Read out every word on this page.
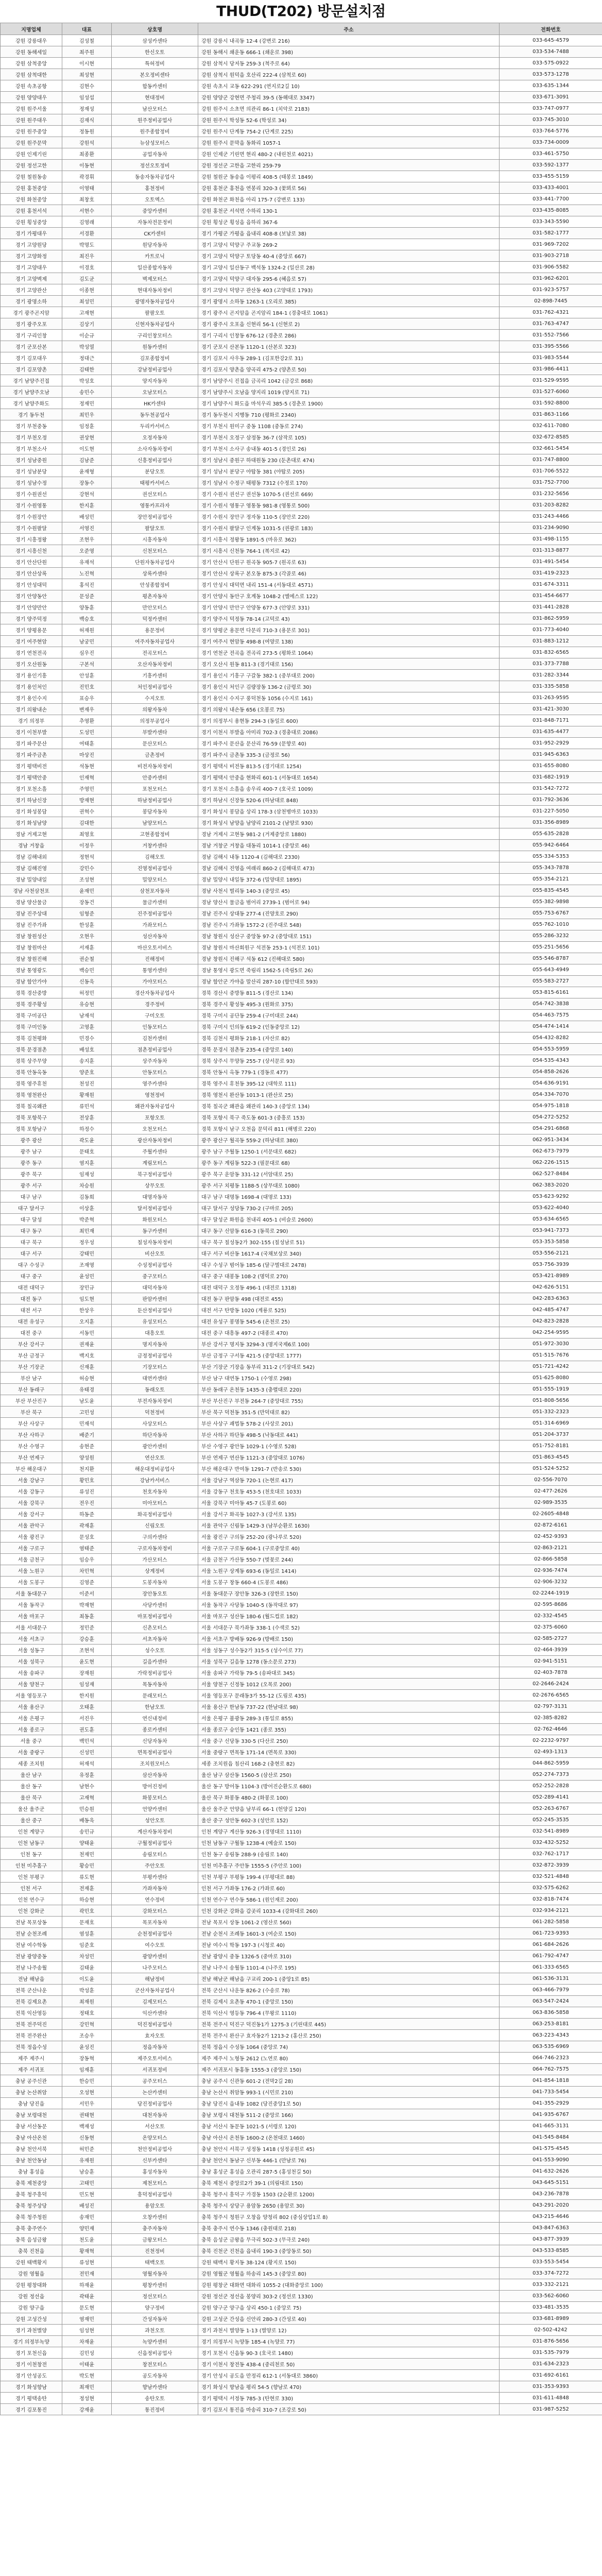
THUD(T202) 방문설치점
지명업체	대표	상호명	주소	전화번호
강원 강릉대우	김성철	삼성카센타	강원 강릉시 내곡동 12-4 (강변로 216)	033-645-4579
강원 동해세일	최주원	한신오토	강원 동해시 쇄운동 666-1 (쇄운로 398)	033-534-7488
강원 삼척중앙	이시현	특허정비	강원 삼척시 당저동 259-3 (척주로 64)	033-575-0922
강원 삼척대한	최성현	본오정비센타	강원 삼척시 원덕읍 호산리 222-4 (삼척로 60)	033-573-1278
강원 속초공항	김현수	합동카센터	강원 속초시 교동 622-291 (연지로2길 10)	033-635-1344
강원 양양대우	임성섭	현대정비	강원 양양군 강현면 주청리 39-5 (동해대로 3347)	033-671-3091
강원 원주서울	정재성	남산모터스	강원 원주시 소초면 의관리 86-1 (치악로 2183)	033-747-0977
강원 원주대우	김재식	원주정비공업사	강원 원주시 학성동 52-6 (학성로 34)	033-745-3010
강원 원주중앙	정동원	원주종합정비	강원 원주시 단계동 754-2 (단계로 225)	033-764-5776
강원 원주문막	강원석	뉴삼성모터스	강원 원주시 문막읍 동화리 1057-1	033-734-0009
강원 인제기린	최종환	공업자동차	강원 인제군 기린면 현리 480-2 (내린천로 4021)	033-461-5750
강원 정선고한	이동현	정선오토정비	강원 정선군 고한읍 고한리 259-79	033-592-1377
강원 철원동송	곽경휘	동송자동차공업사	강원 철원군 동송읍 이평리 408-5 (태봉로 1849)	033-455-5159
강원 홍천중앙	이영태	홍천정비	강원 홍천군 홍천읍 연봉리 320-3 (꽃뫼로 56)	033-433-4001
강원 화천중앙	최창호	오토엑스	강원 화천군 화천읍 아리 175-7 (강변로 133)	033-441-7700
강원 홍천서석	서현수	중앙카센터	강원 홍천군 서석면 수하리 130-1	033-435-8085
강원 횡성중앙	김영래	자동차전문정비	강원 횡성군 횡성읍 읍하리 367-6	033-343-5590
경기 가평대우	서경환	CK카센터	경기 가평군 가평읍 읍내리 408-8 (보납로 38)	031-582-1777
경기 고양원당	박명도	원당자동차	경기 고양시 덕양구 주교동 269-2	031-969-7202
경기 고양화정	최진우	카트로닉	경기 고양시 덕양구 토당동 40-4 (중앙로 667)	031-903-2718
경기 고양대우	이경호	일산종합자동차	경기 고양시 일산동구 백석동 1324-2 (일산로 28)	031-906-5582
경기 고양벽제	김도균	벽제모터스	경기 고양시 덕양구 대자동 295-6 (혜음로 57)	031-962-6201
경기 고양관산	이종현	현대자동차정비	경기 고양시 덕양구 관산동 403 (고양대로 1793)	031-923-5757
경기 광명소하	최성민	광명자동차공업사	경기 광명시 소하동 1263-1 (오리로 385)	02-898-7445
경기 광주곤지암	고재현	팔팔오토	경기 광주시 곤지암읍 곤지암리 184-1 (경충대로 1061)	031-762-4321
경기 광주오포	김상기	신현자동차공업사	경기 광주시 오포읍 신현리 56-1 (신현로 2)	031-763-4747
경기 구리인창	이순규	구리인창모터스	경기 구리시 인창동 676-12 (경춘로 286)	031-552-7566
경기 군포산본	박성열	원동카센터	경기 군포시 산본동 1120-1 (산본로 323)	031-395-5566
경기 김포대우	정대근	김포종합정비	경기 김포시 사우동 289-1 (김포한강2로 31)	031-983-5544
경기 김포양촌	김태한	강남정비공업사	경기 김포시 양촌읍 양곡리 475-2 (양촌로 50)	031-986-4411
경기 남양주진접	박성호	양지자동차	경기 남양주시 진접읍 금곡리 1042 (금강로 868)	031-529-9595
경기 남양주오남	송민수	오남모터스	경기 남양주시 오남읍 양지리 1019 (양지로 71)	031-527-6060
경기 남양주화도	정재민	HK카센타	경기 남양주시 화도읍 마석우리 385-5 (경춘로 1900)	031-592-8800
경기 동두천	최민우	동두천공업사	경기 동두천시 지행동 710 (평화로 2340)	031-863-1166
경기 부천중동	임정훈	두리카서비스	경기 부천시 원미구 중동 1108 (중동로 274)	032-611-7080
경기 부천오정	권상현	오정자동차	경기 부천시 오정구 삼정동 36-7 (삼작로 105)	032-672-8585
경기 부천소사	이도현	소사자동차정비	경기 부천시 소사구 송내동 401-5 (경인로 26)	032-661-5454
경기 성남중원	김남준	신흥정비공업사	경기 성남시 중원구 하대원동 230 (둔촌대로 474)	031-747-8800
경기 성남분당	윤재형	분당오토	경기 성남시 분당구 야탑동 381 (야탑로 205)	031-706-5522
경기 성남수정	장동수	태평카서비스	경기 성남시 수정구 태평동 7312 (수정로 170)	031-752-7700
경기 수원권선	강현석	권선모터스	경기 수원시 권선구 권선동 1070-5 (권선로 669)	031-232-5656
경기 수원영통	한지훈	영통카프라자	경기 수원시 영통구 영통동 981-8 (영통로 500)	031-203-8282
경기 수원장안	배성민	장안정비공업사	경기 수원시 장안구 정자동 110-5 (장안로 220)	031-243-4466
경기 수원팔달	서영진	팔달오토	경기 수원시 팔달구 인계동 1031-5 (권광로 183)	031-234-9090
경기 시흥정왕	조현우	시흥자동차	경기 시흥시 정왕동 1891-5 (마유로 362)	031-498-1155
경기 시흥신천	오준영	신천모터스	경기 시흥시 신천동 764-1 (복지로 42)	031-313-8877
경기 안산단원	유재석	단원자동차공업사	경기 안산시 단원구 원곡동 905-7 (원곡로 63)	031-491-5454
경기 안산상록	노진혁	상록카센타	경기 안산시 상록구 본오동 875-3 (각골로 46)	031-419-2323
경기 안성대덕	홍석진	안성종합정비	경기 안성시 대덕면 내리 151-4 (서동대로 4571)	031-674-3311
경기 안양동안	문성준	평촌자동차	경기 안양시 동안구 호계동 1048-2 (엘에스로 122)	031-454-6677
경기 안양만안	양동훈	만안모터스	경기 안양시 만안구 안양동 677-3 (안양로 331)	031-441-2828
경기 양주덕정	백승호	덕정카센터	경기 양주시 덕정동 78-14 (고덕로 43)	031-862-5959
경기 양평용문	허재원	용문정비	경기 양평군 용문면 다문리 710-3 (용문로 301)	031-773-4040
경기 여주현암	남궁민	여주자동차공업사	경기 여주시 현암동 498-8 (여양로 138)	031-883-1212
경기 연천전곡	심우진	전곡모터스	경기 연천군 전곡읍 전곡리 273-5 (평화로 1064)	031-832-6565
경기 오산원동	구본석	오산자동차정비	경기 오산시 원동 811-3 (경기대로 156)	031-373-7788
경기 용인기흥	안성훈	기흥카센터	경기 용인시 기흥구 구갈동 382-1 (중부대로 200)	031-282-3344
경기 용인처인	진민호	처인정비공업사	경기 용인시 처인구 김량장동 136-2 (금령로 30)	031-335-5858
경기 용인수지	표승우	수지오토	경기 용인시 수지구 풍덕천동 1056 (수지로 161)	031-263-9595
경기 의왕내손	변재우	의왕자동차	경기 의왕시 내손동 656 (오봉로 75)	031-421-3030
경기 의정부	추영환	의정부공업사	경기 의정부시 용현동 294-3 (동일로 600)	031-848-7171
경기 이천부발	도성민	부발카센타	경기 이천시 부발읍 아미리 702-3 (경충대로 2086)	031-635-4477
경기 파주문산	여태훈	문산모터스	경기 파주시 문산읍 문산리 76-59 (문향로 40)	031-952-2929
경기 파주금촌	마상진	금촌정비	경기 파주시 금촌동 335-3 (금정로 56)	031-945-6363
경기 평택비전	석동현	비전자동차정비	경기 평택시 비전동 813-5 (경기대로 1254)	031-655-8080
경기 평택안중	인재혁	안중카센터	경기 평택시 안중읍 현화리 601-1 (서동대로 1654)	031-682-1919
경기 포천소흘	주영민	포천모터스	경기 포천시 소흘읍 송우리 400-7 (호국로 1009)	031-542-7272
경기 하남신장	방재현	하남정비공업사	경기 하남시 신장동 520-6 (하남대로 848)	031-792-3636
경기 화성봉담	권혁수	봉담자동차	경기 화성시 봉담읍 상리 178-3 (삼천병마로 1033)	031-227-5050
경기 화성남양	김대한	남양모터스	경기 화성시 남양읍 남양리 2101-2 (남양로 930)	031-356-8989
경남 거제고현	최영호	고현종합정비	경남 거제시 고현동 981-2 (거제중앙로 1880)	055-635-2828
경남 거창읍	이정우	거창카센타	경남 거창군 거창읍 대동리 1014-1 (중앙로 46)	055-942-6464
경남 김해내외	정현석	김해오토	경남 김해시 내동 1120-4 (김해대로 2330)	055-334-5353
경남 김해진영	강민수	진영정비공업사	경남 김해시 진영읍 여래리 860-2 (김해대로 473)	055-343-7878
경남 밀양내일	조성현	밀양모터스	경남 밀양시 내일동 372-6 (밀양대로 1895)	055-354-2121
경남 사천삼천포	윤재민	삼천포자동차	경남 사천시 벌리동 140-3 (중앙로 45)	055-835-4545
경남 양산물금	장동건	물금카센터	경남 양산시 물금읍 범어리 2739-1 (범어로 94)	055-382-9898
경남 진주상대	임형준	진주정비공업사	경남 진주시 상대동 277-4 (진양호로 290)	055-753-6767
경남 진주가좌	한성훈	가좌모터스	경남 진주시 가좌동 1572-2 (진주대로 548)	055-762-1010
경남 창원성산	오현우	성산자동차	경남 창원시 성산구 중앙동 97-2 (중앙대로 151)	055-286-3232
경남 창원마산	서재훈	마산오토서비스	경남 창원시 마산회원구 석전동 253-1 (석전로 101)	055-251-5656
경남 창원진해	권순철	진해정비	경남 창원시 진해구 석동 612 (진해대로 580)	055-546-8787
경남 통영광도	백승민	통영카센타	경남 통영시 광도면 죽림리 1562-5 (죽림5로 26)	055-643-4949
경남 함안가야	신동욱	가야모터스	경남 함안군 가야읍 말산리 287-10 (함안대로 593)	055-583-2727
경북 경산중방	허정민	경산자동차공업사	경북 경산시 중방동 811-5 (경산로 134)	053-815-6161
경북 경주황성	유승현	경주정비	경북 경주시 황성동 495-3 (원화로 375)	054-742-3838
경북 구미공단	남재석	구미오토	경북 구미시 공단동 259-4 (구미대로 244)	054-463-7575
경북 구미인동	고영훈	인동모터스	경북 구미시 인의동 619-2 (인동중앙로 12)	054-474-1414
경북 김천평화	민경수	김천카센터	경북 김천시 평화동 218-1 (자산로 82)	054-432-8282
경북 문경점촌	배성호	점촌정비공업사	경북 문경시 점촌동 235-4 (중앙로 140)	054-553-5959
경북 상주무양	송지훈	상주자동차	경북 상주시 무양동 255-7 (상서문로 93)	054-535-4343
경북 안동옥동	양준호	안동모터스	경북 안동시 옥동 779-1 (경동로 477)	054-858-2626
경북 영주휴천	천성진	영주카센타	경북 영주시 휴천동 395-12 (대학로 111)	054-636-9191
경북 영천완산	황재원	영천정비	경북 영천시 완산동 1013-1 (완산로 25)	054-334-7070
경북 칠곡왜관	류민석	왜관자동차공업사	경북 칠곡군 왜관읍 왜관리 140-3 (중앙로 134)	054-975-1818
경북 포항북구	전상훈	포항오토	경북 포항시 북구 죽도동 601-3 (중흥로 153)	054-272-5252
경북 포항남구	하정수	오천모터스	경북 포항시 남구 오천읍 문덕리 811 (해병로 220)	054-291-6868
광주 광산	곽도윤	광산자동차정비	광주 광산구 월곡동 559-2 (하남대로 380)	062-951-3434
광주 남구	문태호	주월카센타	광주 남구 주월동 1250-1 (서문대로 682)	062-673-7979
광주 동구	염지훈	계림모터스	광주 동구 계림동 522-3 (필문대로 68)	062-226-1515
광주 북구	임재성	북구정비공업사	광주 북구 운암동 331-12 (서암대로 25)	062-527-8484
광주 서구	차승원	상무오토	광주 서구 치평동 1188-5 (상무대로 1080)	062-383-2020
대구 남구	김동희	대명자동차	대구 남구 대명동 1698-4 (대명로 133)	053-623-9292
대구 달서구	이상훈	달서정비공업사	대구 달서구 성당동 730-2 (구마로 205)	053-622-4040
대구 달성	박준혁	화원모터스	대구 달성군 화원읍 천내리 405-1 (비슬로 2600)	053-634-6565
대구 동구	최민재	동구카센터	대구 동구 신암동 616-3 (동북로 290)	053-941-7373
대구 북구	정우성	칠성자동차정비	대구 북구 칠성동2가 302-155 (칠성남로 51)	053-353-5858
대구 서구	강태민	비산오토	대구 서구 비산동 1617-4 (국채보상로 340)	053-556-2121
대구 수성구	조재영	수성정비공업사	대구 수성구 범어동 185-6 (달구벌대로 2478)	053-756-3939
대구 중구	윤성민	중구모터스	대구 중구 대봉동 108-2 (명덕로 270)	053-421-8989
대전 대덕구	장민규	대덕자동차	대전 대덕구 오정동 496-1 (대전로 1318)	042-626-5151
대전 동구	임도현	판암카센터	대전 동구 판암동 498 (대전로 455)	042-283-6363
대전 서구	한상우	둔산정비공업사	대전 서구 탄방동 1020 (계룡로 525)	042-485-4747
대전 유성구	오지훈	유성모터스	대전 유성구 봉명동 545-6 (온천로 25)	042-823-2828
대전 중구	서동민	대흥오토	대전 중구 대흥동 497-2 (대종로 470)	042-254-9595
부산 강서구	권재윤	명지자동차	부산 강서구 명지동 3294-3 (명지국제6로 100)	051-972-3030
부산 금정구	백지호	금정정비공업사	부산 금정구 구서동 421-5 (중앙대로 1777)	051-515-7676
부산 기장군	신재훈	기장모터스	부산 기장군 기장읍 동부리 311-2 (기장대로 542)	051-721-4242
부산 남구	허승현	대연카센타	부산 남구 대연동 1750-1 (수영로 298)	051-625-8080
부산 동래구	유태경	동래오토	부산 동래구 온천동 1435-3 (충렬대로 220)	051-555-1919
부산 부산진구	남도윤	부전자동차정비	부산 부산진구 부전동 264-7 (중앙대로 755)	051-808-5656
부산 북구	고민성	덕천정비	부산 북구 덕천동 351-5 (만덕대로 82)	051-332-2323
부산 사상구	민재석	사상모터스	부산 사상구 괘법동 578-2 (사상로 201)	051-314-6969
부산 사하구	배준기	하단자동차	부산 사하구 하단동 498-5 (낙동대로 441)	051-204-3737
부산 수영구	송현준	광안카센터	부산 수영구 광안동 1029-1 (수영로 528)	051-752-8181
부산 연제구	양성원	연산오토	부산 연제구 연산동 1121-3 (중앙대로 1076)	051-863-4545
부산 해운대구	천지환	해운대정비공업사	부산 해운대구 반여동 1291-7 (반송로 530)	051-524-5252
서울 강남구	황민호	강남카서비스	서울 강남구 역삼동 720-1 (논현로 417)	02-556-7070
서울 강동구	류성진	천호자동차	서울 강동구 천호동 453-5 (천호대로 1033)	02-477-2626
서울 강북구	전우진	미아모터스	서울 강북구 미아동 45-7 (도봉로 60)	02-989-3535
서울 강서구	하동준	화곡정비공업사	서울 강서구 화곡동 1027-3 (강서로 135)	02-2605-4848
서울 관악구	곽재훈	신림오토	서울 관악구 신림동 1429-3 (남부순환로 1630)	02-872-6161
서울 광진구	문성호	구의카센타	서울 광진구 구의동 252-20 (광나루로 520)	02-452-9393
서울 구로구	염태준	구로자동차정비	서울 구로구 구로동 604-1 (구로중앙로 40)	02-863-2121
서울 금천구	임승우	가산모터스	서울 금천구 가산동 550-7 (벚꽃로 244)	02-866-5858
서울 노원구	차민혁	상계정비	서울 노원구 상계동 693-6 (동일로 1414)	02-936-7474
서울 도봉구	김영준	도봉자동차	서울 도봉구 창동 660-4 (도봉로 486)	02-906-3232
서울 동대문구	이준서	장안동오토	서울 동대문구 장안동 326-3 (장한로 150)	02-2244-1919
서울 동작구	박재현	사당카센터	서울 동작구 사당동 1040-5 (동작대로 97)	02-595-8686
서울 마포구	최동훈	마포정비공업사	서울 마포구 성산동 180-6 (월드컵로 182)	02-332-4545
서울 서대문구	정민준	신촌모터스	서울 서대문구 북가좌동 338-1 (수색로 52)	02-375-6060
서울 서초구	강승훈	서초자동차	서울 서초구 방배동 926-9 (방배로 150)	02-585-2727
서울 성동구	조현석	성수오토	서울 성동구 성수동2가 315-5 (성수이로 77)	02-464-3939
서울 성북구	윤도현	길음카센타	서울 성북구 길음동 1278 (동소문로 273)	02-941-5151
서울 송파구	장재원	가락정비공업사	서울 송파구 가락동 79-5 (송파대로 345)	02-403-7878
서울 양천구	임성재	목동자동차	서울 양천구 신정동 1012 (오목로 200)	02-2646-2424
서울 영등포구	한지원	문래모터스	서울 영등포구 문래동3가 55-12 (도림로 435)	02-2676-6565
서울 용산구	오태훈	한남오토	서울 용산구 한남동 737-22 (한남대로 98)	02-797-3131
서울 은평구	서진우	연신내정비	서울 은평구 불광동 289-3 (통일로 855)	02-385-8282
서울 종로구	권도훈	종로카센터	서울 종로구 숭인동 1421 (종로 355)	02-762-4646
서울 중구	백민석	신당자동차	서울 중구 신당동 330-5 (다산로 250)	02-2232-9797
서울 중랑구	신성민	면목정비공업사	서울 중랑구 면목동 171-14 (면목로 330)	02-493-1313
세종 조치원	허재석	조치원모터스	세종 조치원읍 침산리 168-2 (충현로 82)	044-862-5959
울산 남구	유정훈	삼산자동차	울산 남구 삼산동 1560-5 (삼산로 250)	052-274-7373
울산 동구	남현수	방어진정비	울산 동구 방어동 1104-3 (방어진순환도로 680)	052-252-2828
울산 북구	고재혁	화봉모터스	울산 북구 화봉동 480-2 (화봉로 100)	052-289-4141
울산 울주군	민승원	언양카센터	울산 울주군 언양읍 남부리 66-1 (헌양길 120)	052-263-6767
울산 중구	배동욱	성안오토	울산 중구 성안동 602-3 (성안로 152)	052-245-3535
인천 계양구	송민규	계산자동차정비	인천 계양구 계산동 926-3 (경명대로 1110)	032-541-8989
인천 남동구	양태윤	구월정비공업사	인천 남동구 구월동 1238-4 (예술로 150)	032-432-5252
인천 동구	천재민	송림모터스	인천 동구 송림동 288-9 (송림로 140)	032-762-1717
인천 미추홀구	황승민	주안오토	인천 미추홀구 주안동 1555-5 (주안로 100)	032-872-3939
인천 부평구	류도현	부평카센타	인천 부평구 부평동 199-4 (부평대로 88)	032-521-4848
인천 서구	전재훈	가좌자동차	인천 서구 가좌동 176-2 (가좌로 60)	032-575-6262
인천 연수구	하승현	연수정비	인천 연수구 연수동 586-1 (원인재로 200)	032-818-7474
인천 강화군	곽민호	강화모터스	인천 강화군 강화읍 갑곳리 1033-4 (강화대로 260)	032-934-2121
전남 목포상동	문재호	목포자동차	전남 목포시 상동 1061-2 (영산로 560)	061-282-5858
전남 순천조례	염성훈	순천정비공업사	전남 순천시 조례동 1601-3 (여순로 150)	061-723-9393
전남 여수학동	임준호	여수오토	전남 여수시 학동 197-3 (시청로 40)	061-684-2626
전남 광양중동	차성민	광양카센터	전남 광양시 중동 1326-5 (중마로 310)	061-792-4747
전남 나주송월	김태윤	나주모터스	전남 나주시 송월동 1101-4 (나주로 195)	061-333-6565
전남 해남읍	이도윤	해남정비	전남 해남군 해남읍 구교리 200-1 (중앙1로 85)	061-536-3131
전북 군산나운	박성훈	군산자동차공업사	전북 군산시 나운동 826-2 (수송로 78)	063-466-7979
전북 김제요촌	최재원	김제모터스	전북 김제시 요촌동 470-1 (중앙로 150)	063-547-2424
전북 익산영등	정태호	익산카센타	전북 익산시 영등동 796-4 (무왕로 1110)	063-836-5858
전북 전주덕진	강민혁	덕진정비공업사	전북 전주시 덕진구 덕진동1가 1275-3 (기린대로 445)	063-253-8181
전북 전주완산	조승우	효자오토	전북 전주시 완산구 효자동2가 1213-2 (홍산로 250)	063-223-4343
전북 정읍수성	윤성진	정읍자동차	전북 정읍시 수성동 1064 (중앙로 74)	063-535-6969
제주 제주시	장동혁	제주오토서비스	제주 제주시 노형동 2612 (노연로 80)	064-746-2323
제주 서귀포	임재훈	서귀포정비	제주 서귀포시 동홍동 1555-3 (중앙로 150)	064-762-7575
충남 공주신관	한승민	공주모터스	충남 공주시 신관동 601-2 (전막2길 28)	041-854-1818
충남 논산취암	오성현	논산카센터	충남 논산시 취암동 993-1 (시민로 210)	041-733-5454
충남 당진읍	서민우	당진정비공업사	충남 당진시 읍내동 1082 (당진중앙1로 50)	041-355-2929
충남 보령대천	권태현	대천자동차	충남 보령시 대천동 511-2 (중앙로 166)	041-935-6767
충남 서산동문	백재성	서산오토	충남 서산시 동문동 1021-5 (서령로 120)	041-665-3131
충남 아산온천	신동현	온양모터스	충남 아산시 온천동 1600-2 (온천대로 1460)	041-545-8484
충남 천안서북	허민준	천안정비공업사	충남 천안시 서북구 성정동 1418 (성정공원로 45)	041-575-4545
충남 천안동남	유재원	신부카센타	충남 천안시 동남구 신부동 446-1 (만남로 76)	041-553-9090
충남 홍성읍	남승훈	홍성자동차	충남 홍성군 홍성읍 오관리 287-5 (홍성천길 50)	041-632-2626
충북 제천중앙	고태민	제천모터스	충북 제천시 중앙로2가 39-1 (의림대로 150)	043-645-5151
충북 청주흥덕	민도현	흥덕정비공업사	충북 청주시 흥덕구 가경동 1503 (2순환로 1200)	043-236-7878
충북 청주상당	배성진	용암오토	충북 청주시 상당구 용암동 2650 (용암로 30)	043-291-2020
충북 청주청원	송재민	오창카센터	충북 청주시 청원구 오창읍 양청리 802 (중심상업1로 8)	043-215-4646
충북 충주연수	양민재	충주자동차	충북 충주시 연수동 1346 (충원대로 218)	043-847-6363
충북 음성금왕	천도윤	금왕모터스	충북 음성군 금왕읍 무극리 502-3 (무극로 240)	043-877-3939
충북 진천읍	황재혁	진천정비	충북 진천군 진천읍 읍내리 190-3 (중앙동로 50)	043-533-8585
강원 태백황지	류성현	태백오토	강원 태백시 황지동 38-124 (황지로 150)	033-553-5454
강원 영월읍	전민재	영월자동차	강원 영월군 영월읍 하송리 145-3 (중앙로 80)	033-374-7272
강원 평창대화	하재윤	평창카센터	강원 평창군 대화면 대화리 1055-2 (대화중앙로 100)	033-332-2121
강원 정선읍	곽태윤	정선모터스	강원 정선군 정선읍 봉양리 303-2 (정선로 1330)	033-562-6060
강원 양구읍	문도현	양구정비	강원 양구군 양구읍 상리 450-1 (중앙로 75)	033-481-3535
강원 고성간성	염재민	간성자동차	강원 고성군 간성읍 신안리 280-3 (간성로 40)	033-681-8989
경기 과천별양	임성현	과천오토	경기 과천시 별양동 1-13 (별양로 12)	02-502-4242
경기 의정부녹양	차재윤	녹양카센터	경기 의정부시 녹양동 185-4 (녹양로 77)	031-876-5656
경기 포천신읍	김민성	신읍정비공업사	경기 포천시 신읍동 90-3 (호국로 1480)	031-535-7979
경기 이천창전	이태윤	창전모터스	경기 이천시 창전동 438-4 (중리천로 50)	031-634-2323
경기 안성공도	박도현	공도자동차	경기 안성시 공도읍 만정리 612-1 (서동대로 3860)	031-692-6161
경기 화성향남	최재민	향남카센타	경기 화성시 향남읍 평리 54-5 (향남로 470)	031-353-9393
경기 평택송탄	정성현	송탄오토	경기 평택시 서정동 785-3 (탄현로 330)	031-611-4848
경기 김포통진	강재윤	통진정비	경기 김포시 통진읍 마송리 310-7 (조강로 50)	031-987-5252
